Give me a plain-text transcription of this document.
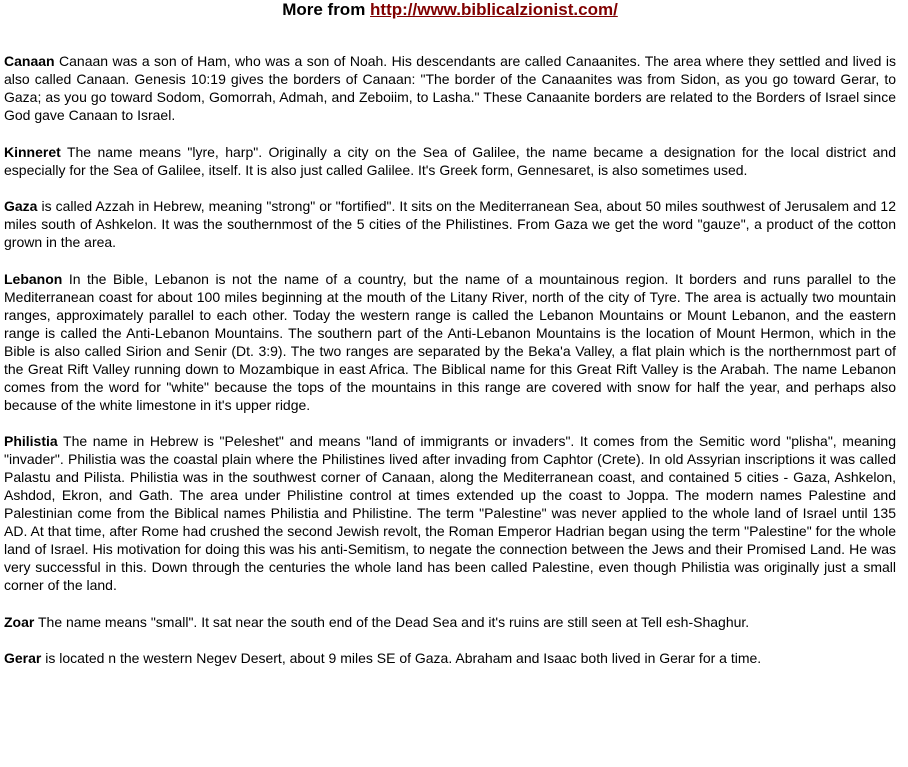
More from http://www.biblicalzionist.com/

Canaan Canaan was a son of Ham, who was a son of Noah. His descendants are called Canaanites. The area where they settled and lived is also called Canaan. Genesis 10:19 gives the borders of Canaan: "The border of the Canaanites was from Sidon, as you go toward Gerar, to Gaza; as you go toward Sodom, Gomorrah, Admah, and Zeboiim, to Lasha." These Canaanite borders are related to the Borders of Israel since God gave Canaan to Israel.

Kinneret The name means "lyre, harp". Originally a city on the Sea of Galilee, the name became a designation for the local district and especially for the Sea of Galilee, itself. It is also just called Galilee. It's Greek form, Gennesaret, is also sometimes used.

Gaza is called Azzah in Hebrew, meaning "strong" or "fortified". It sits on the Mediterranean Sea, about 50 miles southwest of Jerusalem and 12 miles south of Ashkelon. It was the southernmost of the 5 cities of the Philistines. From Gaza we get the word "gauze", a product of the cotton grown in the area.

Lebanon In the Bible, Lebanon is not the name of a country, but the name of a mountainous region. It borders and runs parallel to the Mediterranean coast for about 100 miles beginning at the mouth of the Litany River, north of the city of Tyre. The area is actually two mountain ranges, approximately parallel to each other. Today the western range is called the Lebanon Mountains or Mount Lebanon, and the eastern range is called the Anti-Lebanon Mountains. The southern part of the Anti-Lebanon Mountains is the location of Mount Hermon, which in the Bible is also called Sirion and Senir (Dt. 3:9). The two ranges are separated by the Beka'a Valley, a flat plain which is the northernmost part of the Great Rift Valley running down to Mozambique in east Africa. The Biblical name for this Great Rift Valley is the Arabah. The name Lebanon comes from the word for "white" because the tops of the mountains in this range are covered with snow for half the year, and perhaps also because of the white limestone in it's upper ridge.

Philistia The name in Hebrew is "Peleshet" and means "land of immigrants or invaders". It comes from the Semitic word "plisha", meaning "invader". Philistia was the coastal plain where the Philistines lived after invading from Caphtor (Crete). In old Assyrian inscriptions it was called Palastu and Pilista. Philistia was in the southwest corner of Canaan, along the Mediterranean coast, and contained 5 cities - Gaza, Ashkelon, Ashdod, Ekron, and Gath. The area under Philistine control at times extended up the coast to Joppa. The modern names Palestine and Palestinian come from the Biblical names Philistia and Philistine. The term "Palestine" was never applied to the whole land of Israel until 135 AD. At that time, after Rome had crushed the second Jewish revolt, the Roman Emperor Hadrian began using the term "Palestine" for the whole land of Israel. His motivation for doing this was his anti-Semitism, to negate the connection between the Jews and their Promised Land. He was very successful in this. Down through the centuries the whole land has been called Palestine, even though Philistia was originally just a small corner of the land.

Zoar The name means "small". It sat near the south end of the Dead Sea and it's ruins are still seen at Tell esh-Shaghur.

Gerar is located n the western Negev Desert, about 9 miles SE of Gaza. Abraham and Isaac both lived in Gerar for a time.
